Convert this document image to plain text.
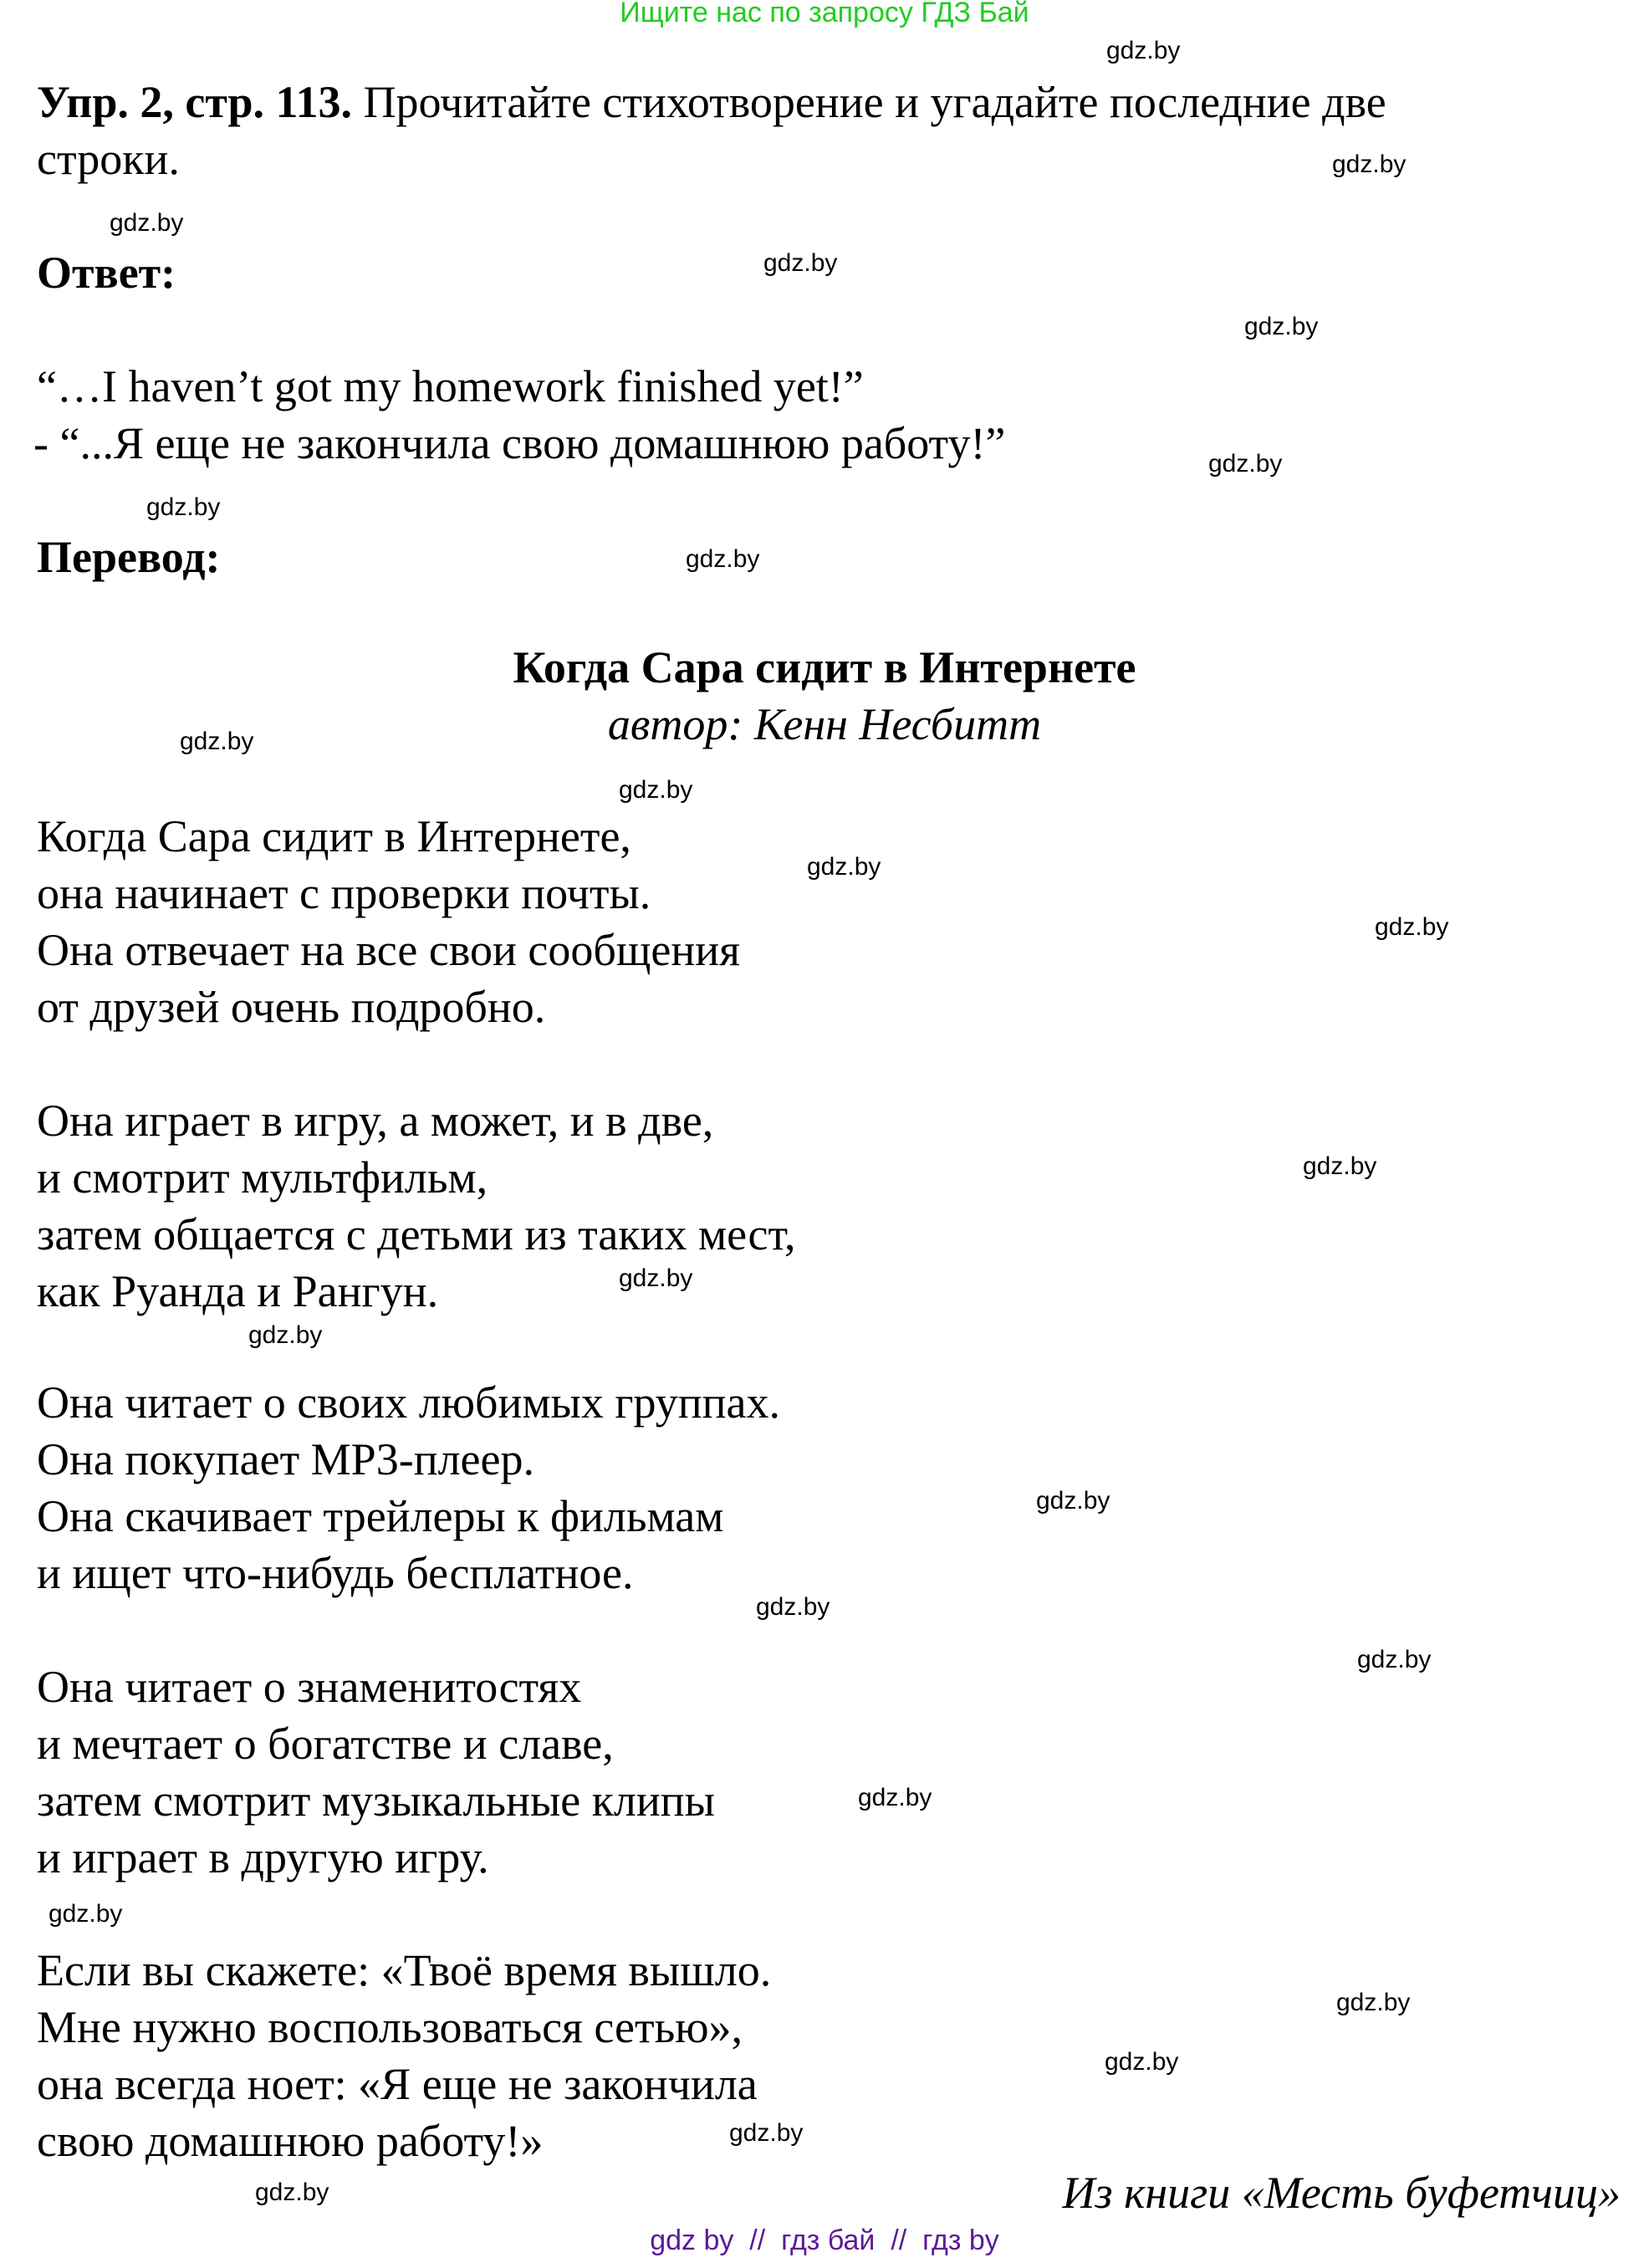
Ищите нас по запросу ГДЗ Бай
Упр. 2, стр. 113. Прочитайте стихотворение и угадайте последние две
строки.
Ответ:
“…I haven’t got my homework finished yet!”
- “...Я еще не закончила свою домашнюю работу!”
Перевод:
Когда Сара сидит в Интернете
автор: Кенн Несбитт
Когда Сара сидит в Интернете,
она начинает с проверки почты.
Она отвечает на все свои сообщения
от друзей очень подробно.
Она играет в игру, а может, и в две,
и смотрит мультфильм,
затем общается с детьми из таких мест,
как Руанда и Рангун.
Она читает о своих любимых группах.
Она покупает MP3-плеер.
Она скачивает трейлеры к фильмам
и ищет что-нибудь бесплатное.
Она читает о знаменитостях
и мечтает о богатстве и славе,
затем смотрит музыкальные клипы
и играет в другую игру.
Если вы скажете: «Твоё время вышло.
Мне нужно воспользоваться сетью»,
она всегда ноет: «Я еще не закончила
свою домашнюю работу!»
Из книги «Месть буфетчиц»
gdz.by
gdz.by
gdz.by
gdz.by
gdz.by
gdz.by
gdz.by
gdz.by
gdz.by
gdz.by
gdz.by
gdz.by
gdz.by
gdz.by
gdz.by
gdz.by
gdz.by
gdz.by
gdz.by
gdz.by
gdz.by
gdz.by
gdz.by
gdz.by
gdz by  //  гдз бай  //  гдз by
